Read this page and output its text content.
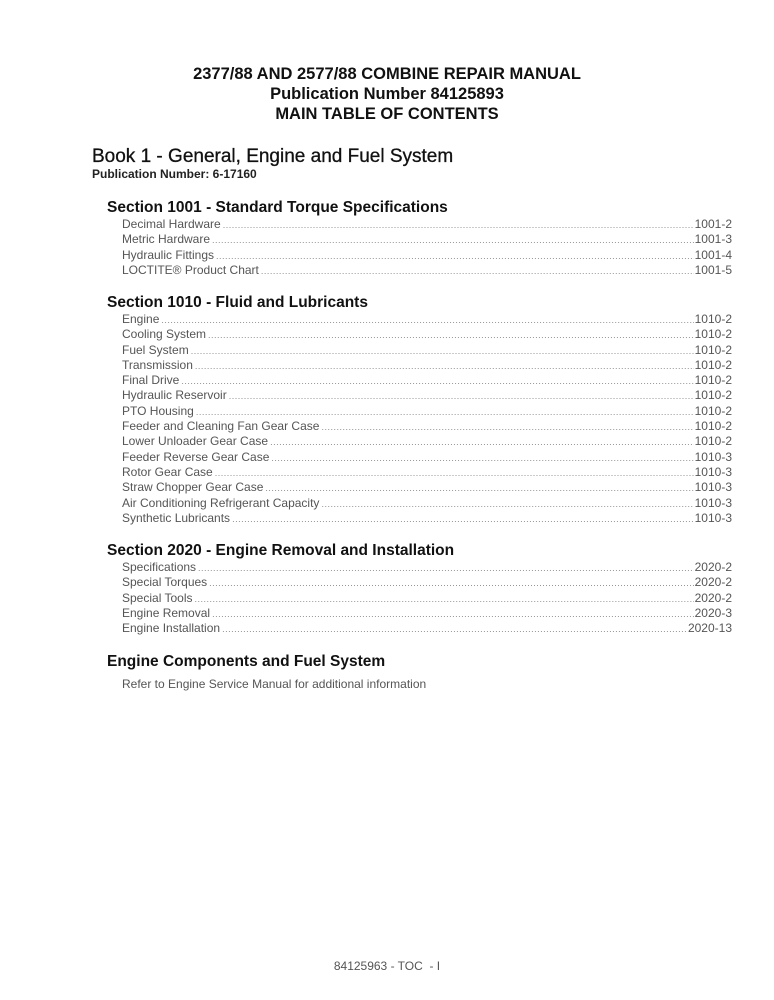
2377/88 AND 2577/88 COMBINE REPAIR MANUAL
Publication Number 84125893
MAIN TABLE OF CONTENTS
Book 1 - General, Engine and Fuel System
Publication Number: 6-17160
Section 1001 - Standard Torque Specifications
Decimal Hardware .....	1001-2
Metric Hardware .....	1001-3
Hydraulic Fittings .....	1001-4
LOCTITE® Product Chart .....	1001-5
Section 1010 - Fluid and Lubricants
Engine .....	1010-2
Cooling System .....	1010-2
Fuel System .....	1010-2
Transmission .....	1010-2
Final Drive .....	1010-2
Hydraulic Reservoir .....	1010-2
PTO Housing .....	1010-2
Feeder and Cleaning Fan Gear Case .....	1010-2
Lower Unloader Gear Case .....	1010-2
Feeder Reverse Gear Case .....	1010-3
Rotor Gear Case .....	1010-3
Straw Chopper Gear Case .....	1010-3
Air Conditioning Refrigerant Capacity .....	1010-3
Synthetic Lubricants .....	1010-3
Section 2020 - Engine Removal and Installation
Specifications .....	2020-2
Special Torques .....	2020-2
Special Tools .....	2020-2
Engine Removal .....	2020-3
Engine Installation .....	2020-13
Engine Components and Fuel System
Refer to Engine Service Manual for additional information
84125963 - TOC  - I
